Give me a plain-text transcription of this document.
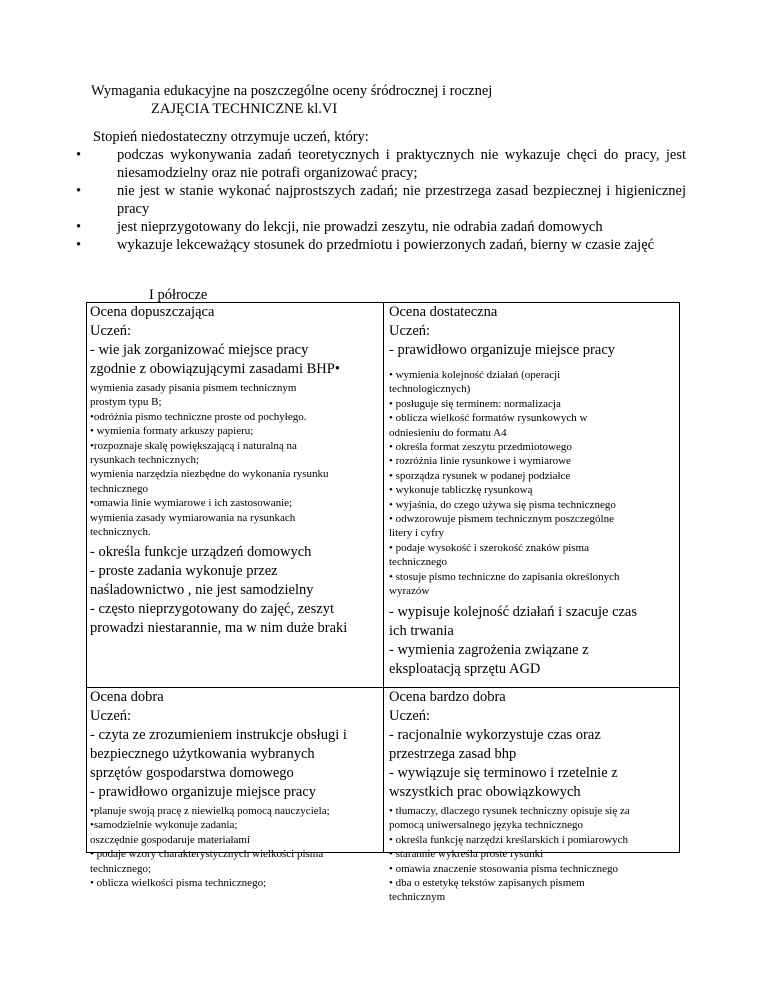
Wymagania edukacyjne na poszczególne oceny śródrocznej i rocznej
ZAJĘCIA TECHNICZNE kl.VI
Stopień niedostateczny otrzymuje uczeń, który:
• podczas wykonywania zadań teoretycznych i praktycznych nie wykazuje chęci do pracy, jest niesamodzielny oraz nie potrafi organizować pracy;
• nie jest w stanie wykonać najprostszych zadań; nie przestrzega zasad bezpiecznej i higienicznej pracy
• jest nieprzygotowany do lekcji, nie prowadzi zeszytu, nie odrabia zadań domowych
• wykazuje lekceważący stosunek do przedmiotu i powierzonych zadań, bierny w czasie zajęć
I półrocze
Ocena dopuszczająca
Uczeń:
- wie jak zorganizować miejsce pracy
zgodnie z obowiązującymi zasadami BHP•
wymienia zasady pisania pismem technicznym
prostym typu B;
•odróżnia pismo techniczne proste od pochyłego.
• wymienia formaty arkuszy papieru;
•rozpoznaje skalę powiększającą i naturalną na
rysunkach technicznych;
wymienia narzędzia niezbędne do wykonania rysunku
technicznego
•omawia linie wymiarowe i ich zastosowanie;
wymienia zasady wymiarowania na rysunkach
technicznych.
- określa funkcje urządzeń domowych
- proste zadania wykonuje przez
naśladownictwo , nie jest samodzielny
- często nieprzygotowany do zajęć, zeszyt
prowadzi niestarannie, ma w nim duże braki
Ocena dostateczna
Uczeń:
- prawidłowo organizuje miejsce pracy
• wymienia kolejność działań (operacji
technologicznych)
• posługuje się terminem: normalizacja
• oblicza wielkość formatów rysunkowych w
odniesieniu do formatu A4
• określa format zeszytu przedmiotowego
• rozróżnia linie rysunkowe i wymiarowe
• sporządza rysunek w podanej podziałce
• wykonuje tabliczkę rysunkową
• wyjaśnia, do czego używa się pisma technicznego
• odwzorowuje pismem technicznym poszczególne
litery i cyfry
• podaje wysokość i szerokość znaków pisma
technicznego
• stosuje pismo techniczne do zapisania określonych
wyrazów
- wypisuje kolejność działań i szacuje czas
ich trwania
- wymienia zagrożenia związane z
eksploatacją sprzętu AGD
Ocena dobra
Uczeń:
- czyta ze zrozumieniem instrukcje obsługi i
bezpiecznego użytkowania wybranych
sprzętów gospodarstwa domowego
- prawidłowo organizuje miejsce pracy
•planuje swoją pracę z niewielką pomocą nauczyciela;
•samodzielnie wykonuje zadania;
oszczędnie gospodaruje materiałami
• podaje wzory charakterystycznych wielkości pisma
technicznego;
• oblicza wielkości pisma technicznego;
Ocena bardzo dobra
Uczeń:
- racjonalnie wykorzystuje czas oraz
przestrzega zasad bhp
- wywiązuje się terminowo i rzetelnie z
wszystkich prac obowiązkowych
• tłumaczy, dlaczego rysunek techniczny opisuje się za
pomocą uniwersalnego języka technicznego
• określa funkcję narzędzi kreślarskich i pomiarowych
• starannie wykreśla proste rysunki
• omawia znaczenie stosowania pisma technicznego
• dba o estetykę tekstów zapisanych pismem
technicznym
